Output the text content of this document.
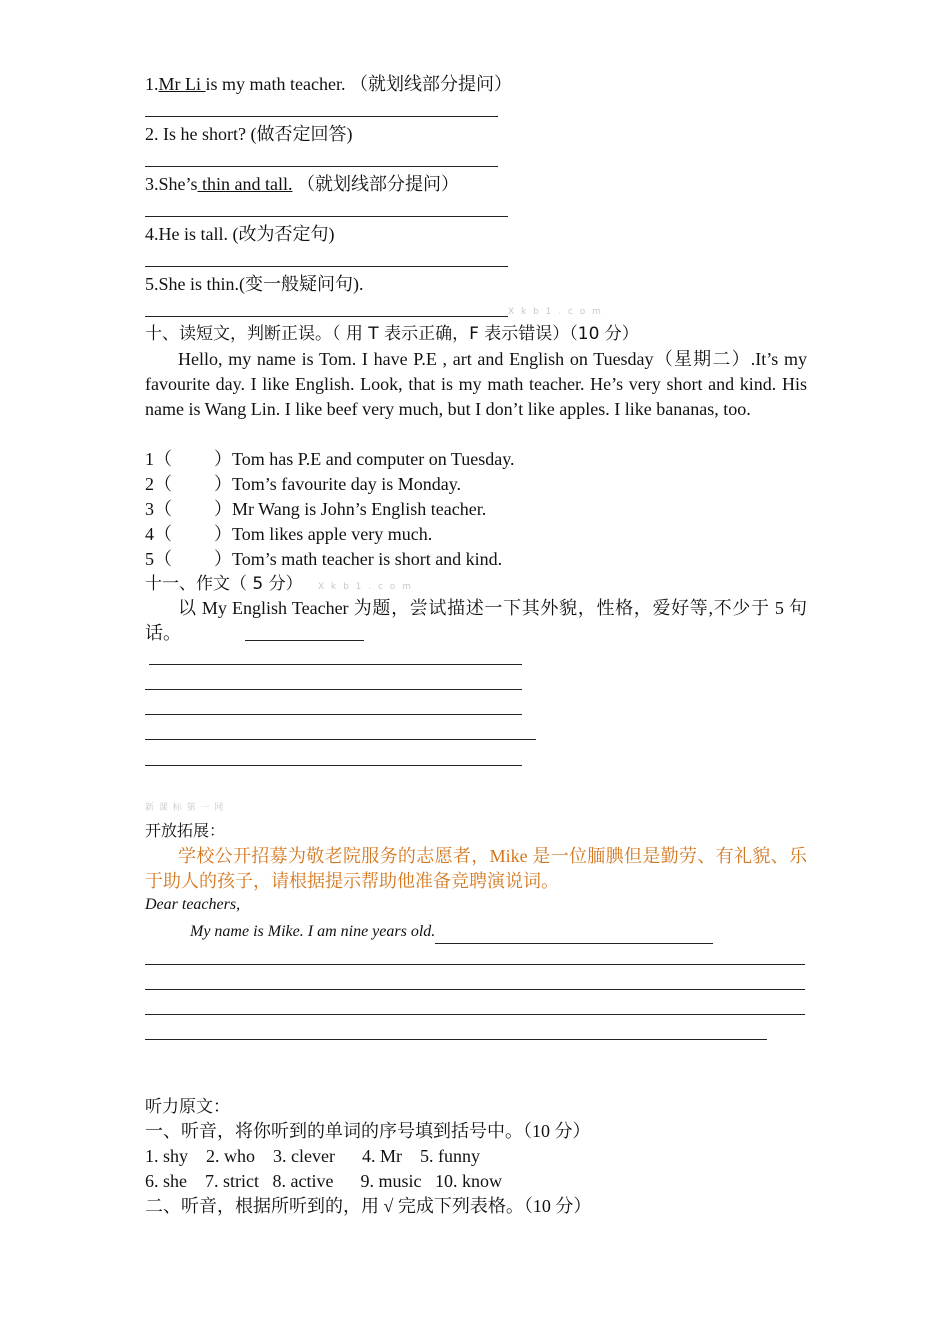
1.Mr Li is my math teacher. （就划线部分提问）
2. Is he short? (做否定回答)
3.She’s thin and tall. （就划线部分提问）
4.He is tall. (改为否定句)
5.She is thin.(变一般疑问句).
X k b 1 . c o m
十、读短文，判断正误。（ 用 T 表示正确，F 表示错误）（10 分）
Hello, my name is Tom. I have P.E , art and English on Tuesday（星期二）.It’s my favourite day. I like English. Look, that is my math teacher. He’s very short and kind. His name is Wang Lin. I like beef very much, but I don’t like apples. I like bananas, too.
1（ ）Tom has P.E and computer on Tuesday.
2（ ）Tom’s favourite day is Monday.
3（ ）Mr Wang is John’s English teacher.
4（ ）Tom likes apple very much.
5（ ）Tom’s math teacher is short and kind.
十一、作文（ 5 分） X k b 1 . c o m
以 My English Teacher 为题，尝试描述一下其外貌，性格，爱好等,不少于 5 句话。
新 课 标 第 一 网
开放拓展：
学校公开招募为敬老院服务的志愿者，Mike 是一位腼腆但是勤劳、有礼貌、乐于助人的孩子，请根据提示帮助他准备竞聘演说词。
Dear teachers,
My name is Mike. I am nine years old.
听力原文：
一、听音，将你听到的单词的序号填到括号中。（10 分）
1. shy    2. who    3. clever      4. Mr    5. funny
6. she    7. strict   8. active      9. music   10. know
二、听音，根据所听到的，用 √ 完成下列表格。（10 分）
